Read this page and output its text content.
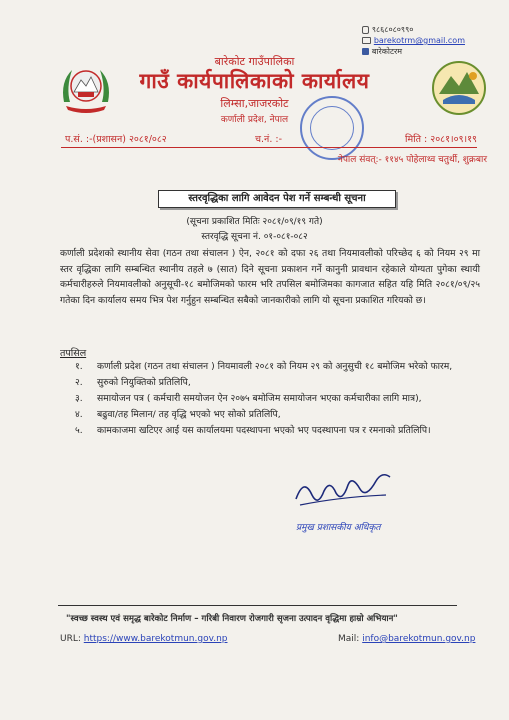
९८६८०८०९९०
barekotrm@gmail.com
बारेकोटरम
बारेकोट गाउँपालिका
गाउँ कार्यपालिकाको कार्यालय
लिम्सा,जाजरकोट
कर्णाली प्रदेश, नेपाल
प.सं. :-(प्रशासन) २०८१/०८२	च.नं. :-	मिति : २०८१।०९।१९
नेपाल संवत्:- ११४५ पोहेलाथ्व चतुर्थी, शुक्रबार
स्तरवृद्धिका लागि आवेदन पेश गर्ने सम्बन्धी सूचना
(सूचना प्रकाशित मितिः २०८१/०९/१९ गते)
स्तरवृद्धि सूचना नं. ०१-०८१-०८२
कर्णाली प्रदेशको स्थानीय सेवा (गठन तथा संचालन ) ऐन, २०८१ को दफा २६ तथा नियमावलीको परिच्छेद ६ को नियम २९ मा स्तर वृद्धिका लागि सम्बन्धित स्थानीय तहले ७ (सात) दिने सूचना प्रकाशन गर्ने कानुनी प्रावधान रहेकाले योग्यता पुगेका स्थायी कर्मचारीहरुले नियमावलीको अनुसूची-१८ बमोजिमको फारम भरि तपसिल बमोजिमका कागजात सहित यहि मिति २०८१/०९/२५ गतेका दिन कार्यालय समय भित्र पेश गर्नुहुन सम्बन्धित सबैको जानकारीको लागि यो सूचना प्रकाशित गरियको छ।
तपसिल
१.	कर्णाली प्रदेश (गठन तथा संचालन ) नियमावली २०८१ को नियम २९ को अनुसुची १८ बमोजिम भरेको फारम,
२.	सुरुको नियुक्तिको प्रतिलिपि,
३.	समायोजन पत्र ( कर्मचारी समयोजन ऐन २०७५ बमोजिम समायोजन भएका कर्मचारीका लागि मात्र),
४.	बढुवा/तह मिलान/ तह वृद्धि भएको भए सोको प्रतिलिपि,
५.	कामकाजमा खटिएर आई यस कार्यालयमा पदस्थापना भएको भए पदस्थापना पत्र र रमनाको प्रतिलिपि।
प्रमुख प्रशासकीय अधिकृत
"स्वच्छ स्वस्थ एवं समृद्ध बारेकोट निर्माण – गरिबी निवारण रोजगारी सृजना उत्पादन वृद्धिमा हाम्रो अभियान"
URL: https://www.barekotmun.gov.np	Mail: info@barekotmun.gov.np
